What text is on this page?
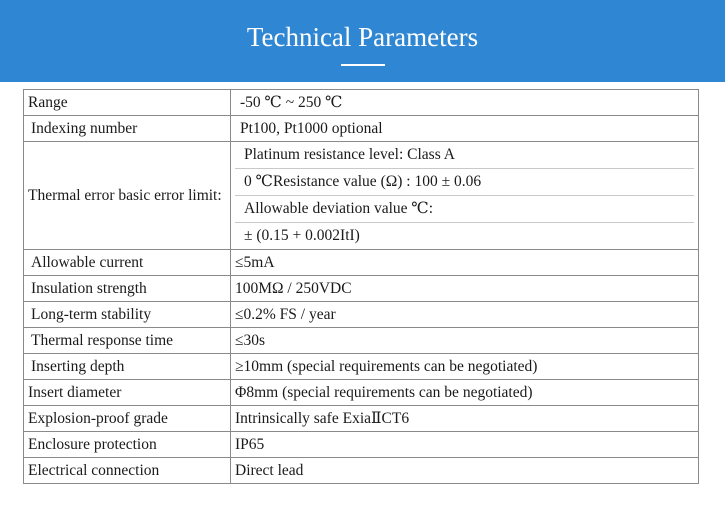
Technical Parameters
Range	-50 ℃ ~ 250 ℃
Indexing number	Pt100, Pt1000 optional
Thermal error basic error limit:	Platinum resistance level: Class A
0 ℃Resistance value (Ω) : 100 ± 0.06
Allowable deviation value ℃:
± (0.15 + 0.002ItI)

Allowable current	≤5mA
Insulation strength	100MΩ / 250VDC
Long-term stability	≤0.2% FS / year
Thermal response time	≤30s
Inserting depth	≥10mm (special requirements can be negotiated)
Insert diameter	Φ8mm (special requirements can be negotiated)
Explosion-proof grade	Intrinsically safe ExiaⅡCT6
Enclosure protection	IP65
Electrical connection	Direct lead
